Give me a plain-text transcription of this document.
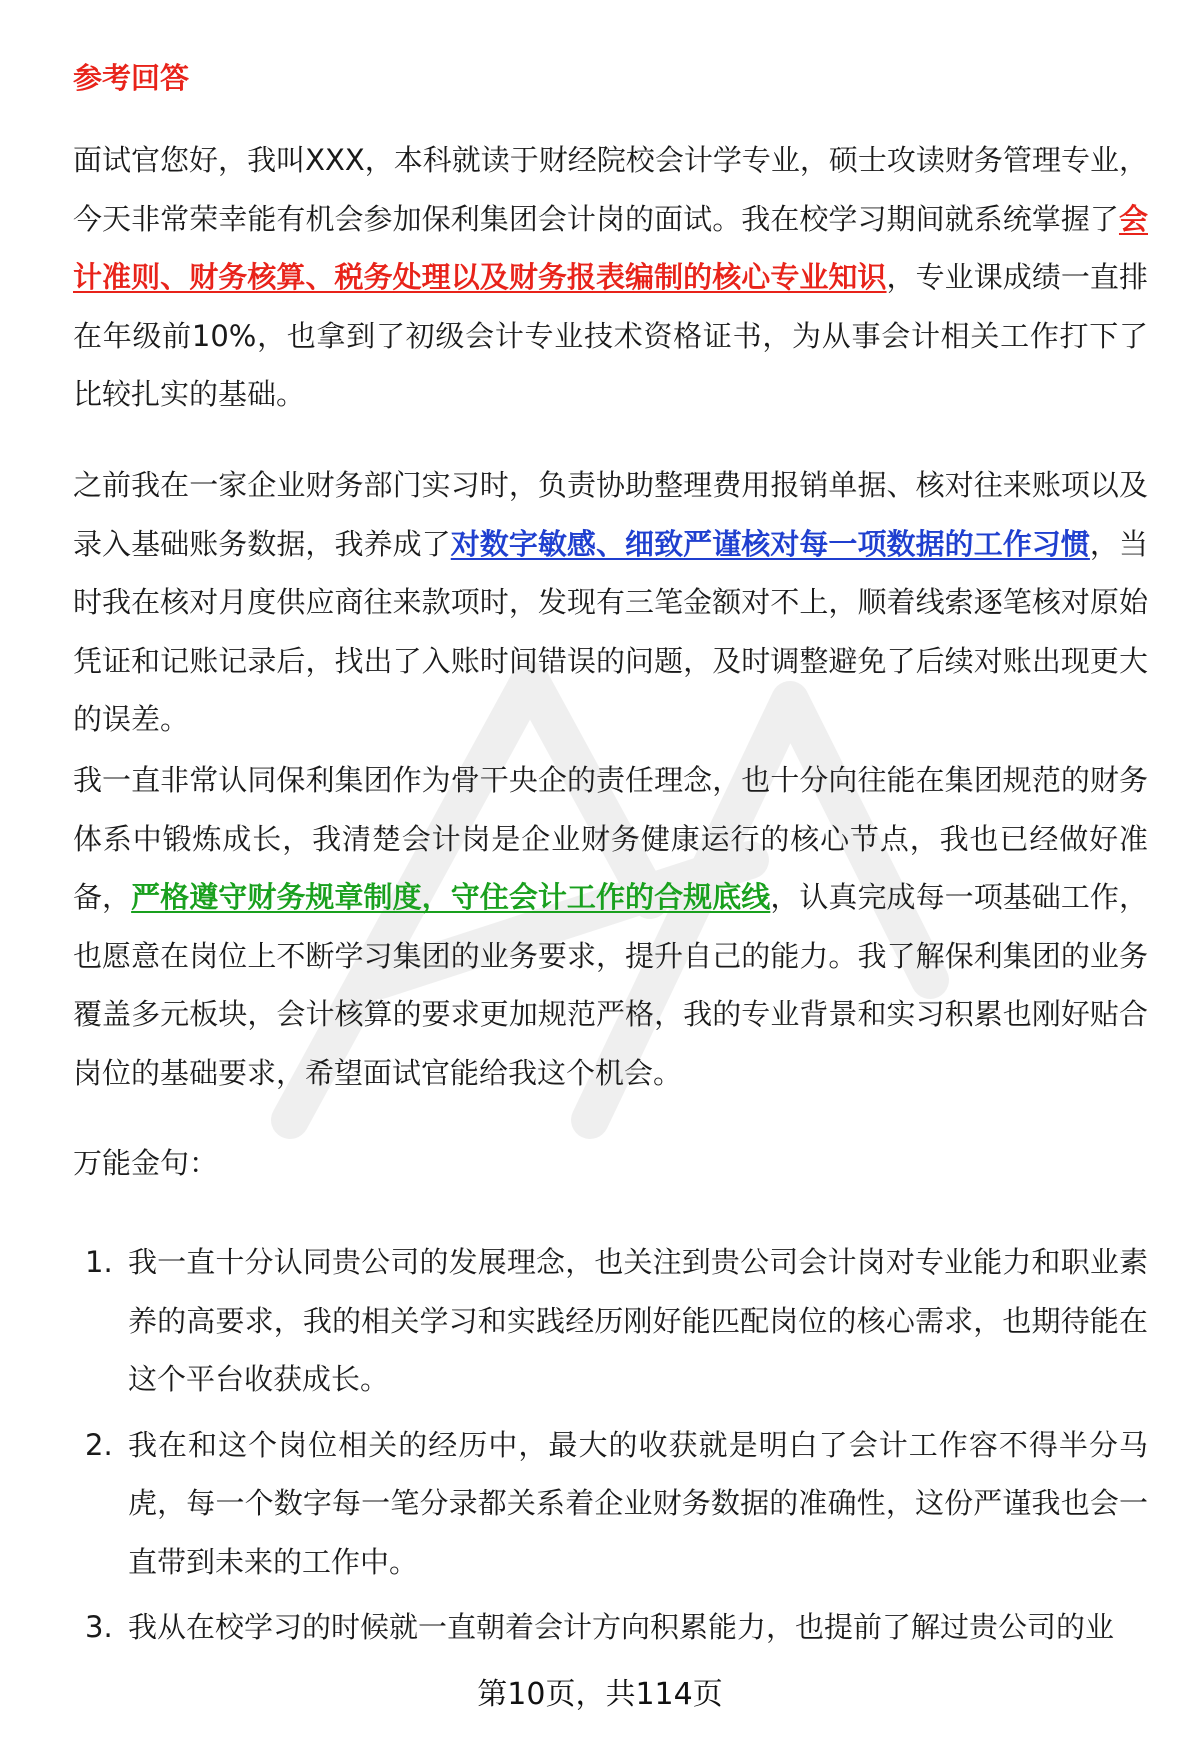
参考回答

面试官您好，我叫XXX，本科就读于财经院校会计学专业，硕士攻读财务管理专业，今天非常荣幸能有机会参加保利集团会计岗的面试。我在校学习期间就系统掌握了会计准则、财务核算、税务处理以及财务报表编制的核心专业知识，专业课成绩一直排在年级前10%，也拿到了初级会计专业技术资格证书，为从事会计相关工作打下了比较扎实的基础。

之前我在一家企业财务部门实习时，负责协助整理费用报销单据、核对往来账项以及录入基础账务数据，我养成了对数字敏感、细致严谨核对每一项数据的工作习惯，当时我在核对月度供应商往来款项时，发现有三笔金额对不上，顺着线索逐笔核对原始凭证和记账记录后，找出了入账时间错误的问题，及时调整避免了后续对账出现更大的误差。

我一直非常认同保利集团作为骨干央企的责任理念，也十分向往能在集团规范的财务体系中锻炼成长，我清楚会计岗是企业财务健康运行的核心节点，我也已经做好准备，严格遵守财务规章制度，守住会计工作的合规底线，认真完成每一项基础工作，也愿意在岗位上不断学习集团的业务要求，提升自己的能力。我了解保利集团的业务覆盖多元板块，会计核算的要求更加规范严格，我的专业背景和实习积累也刚好贴合岗位的基础要求，希望面试官能给我这个机会。

万能金句：

1. 我一直十分认同贵公司的发展理念，也关注到贵公司会计岗对专业能力和职业素养的高要求，我的相关学习和实践经历刚好能匹配岗位的核心需求，也期待能在这个平台收获成长。
2. 我在和这个岗位相关的经历中，最大的收获就是明白了会计工作容不得半分马虎，每一个数字每一笔分录都关系着企业财务数据的准确性，这份严谨我也会一直带到未来的工作中。
3. 我从在校学习的时候就一直朝着会计方向积累能力，也提前了解过贵公司的业

第10页，共114页
